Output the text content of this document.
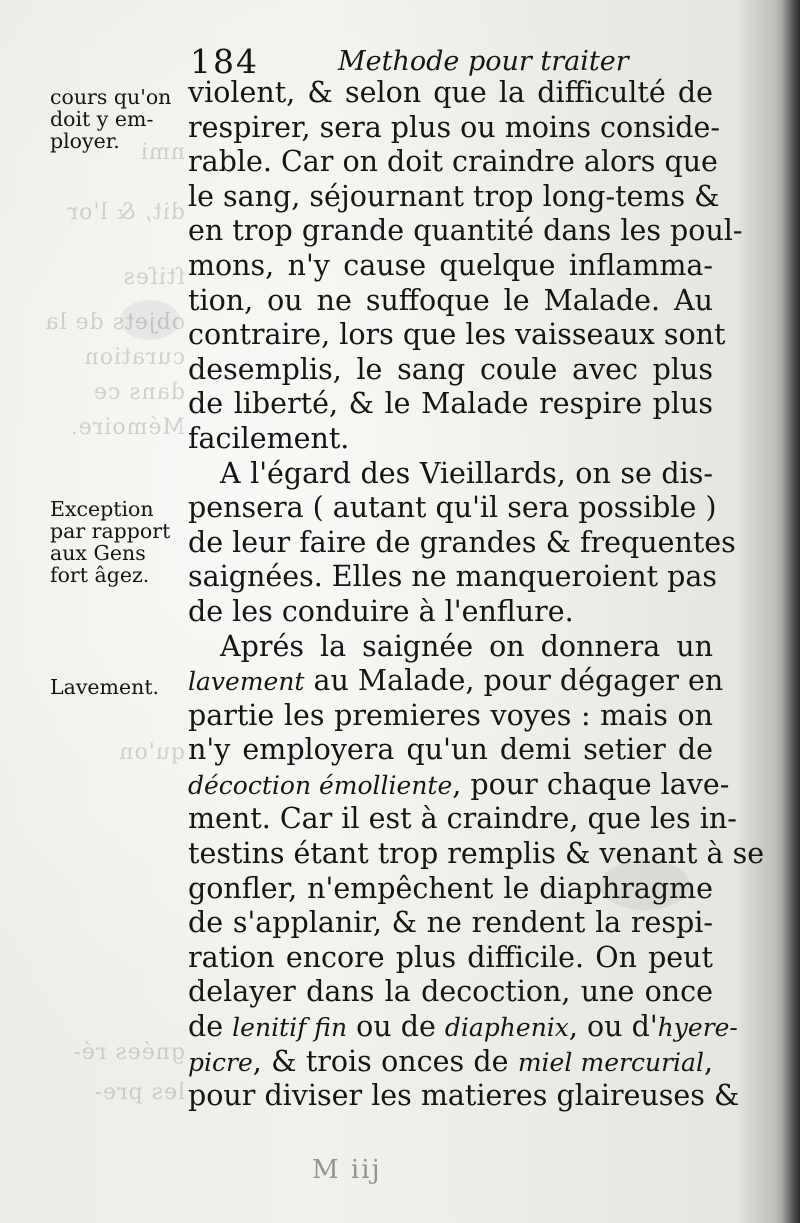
nmi
dit, & l'or
ſtiſes
objets de la
curation
dans ce
Mémoire.
qu'on
gnées ré-
les pre-
184	Methode pour traiter
cours qu'on
doit y em-
ployer.
Exception
par rapport
aux Gens
fort âgez.
Lavement.
violent, & selon que la difficulté de
respirer, sera plus ou moins conside-
rable. Car on doit craindre alors que
le sang, séjournant trop long-tems &
en trop grande quantité dans les poul-
mons, n'y cause quelque inflamma-
tion, ou ne suffoque le Malade. Au
contraire, lors que les vaisseaux sont
desemplis, le sang coule avec plus
de liberté, & le Malade respire plus
facilement.
A l'égard des Vieillards, on se dis-
pensera ( autant qu'il sera possible )
de leur faire de grandes & frequentes
saignées. Elles ne manqueroient pas
de les conduire à l'enflure.
Aprés la saignée on donnera un
lavement au Malade, pour dégager en
partie les premieres voyes : mais on
n'y employera qu'un demi setier de
décoction émolliente, pour chaque lave-
ment. Car il est à craindre, que les in-
testins étant trop remplis & venant à se
gonfler, n'empêchent le diaphragme
de s'applanir, & ne rendent la respi-
ration encore plus difficile. On peut
delayer dans la decoction, une once
de lenitif fin ou de diaphenix, ou d'hyere-
picre, & trois onces de miel mercurial,
pour diviser les matieres glaireuses &
M iij
